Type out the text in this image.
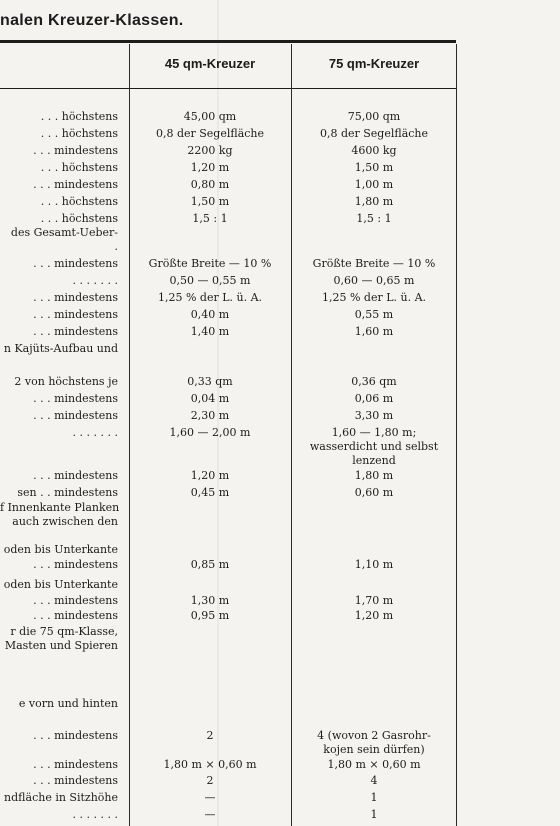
nalen Kreuzer-Klassen.
45 qm-Kreuzer	75 qm-Kreuzer
. . . höchstens	45,00 qm	75,00 qm
. . . höchstens	0,8 der Segelfläche	0,8 der Segelfläche
. . . mindestens	2200 kg	4600 kg
. . . höchstens	1,20 m	1,50 m
. . . mindestens	0,80 m	1,00 m
. . . höchstens	1,50 m	1,80 m
. . . höchstens	1,5 : 1	1,5 : 1
des Gesamt-Ueber-
.
. . . mindestens	Größte Breite — 10 %	Größte Breite — 10 %
. . . . . . .	0,50 — 0,55 m	0,60 — 0,65 m
. . . mindestens	1,25 % der L. ü. A.	1,25 % der L. ü. A.
. . . mindestens	0,40 m	0,55 m
. . . mindestens	1,40 m	1,60 m
n Kajüts-Aufbau und
2 von höchstens je	0,33 qm	0,36 qm
. . . mindestens	0,04 m	0,06 m
. . . mindestens	2,30 m	3,30 m
. . . . . . .	1,60 — 2,00 m	1,60 — 1,80 m;
wasserdicht und selbst
lenzend
. . . mindestens	1,20 m	1,80 m
sen . . mindestens	0,45 m	0,60 m
f Innenkante Planken
auch zwischen den
oden bis Unterkante
. . . mindestens	0,85 m	1,10 m
oden bis Unterkante
. . . mindestens	1,30 m	1,70 m
. . . mindestens	0,95 m	1,20 m
r die 75 qm-Klasse,
Masten und Spieren
e vorn und hinten
. . . mindestens	2	4 (wovon 2 Gasrohr-
kojen sein dürfen)
. . . mindestens	1,80 m × 0,60 m	1,80 m × 0,60 m
. . . mindestens	2	4
ndfläche in Sitzhöhe	—	1
. . . . . . .	—	1
